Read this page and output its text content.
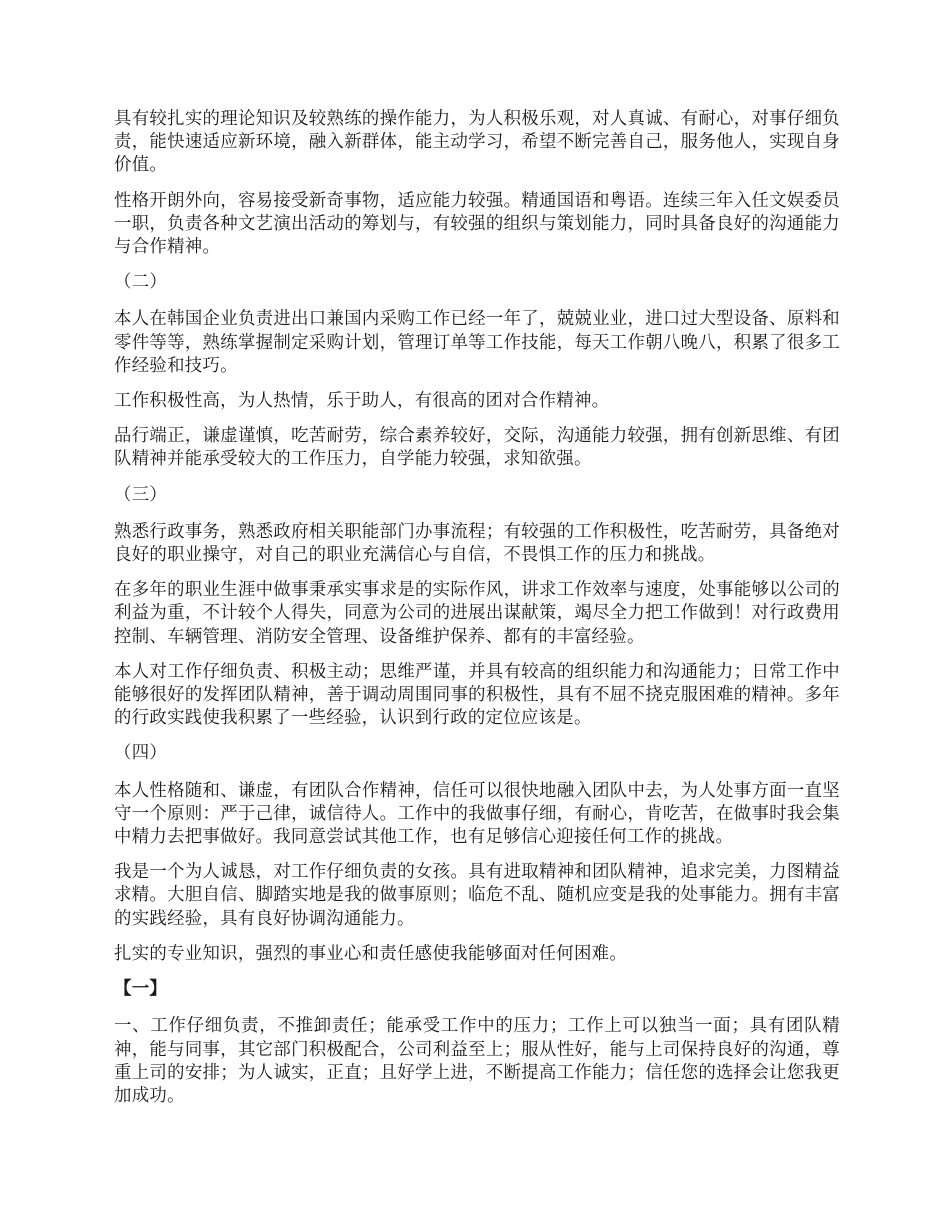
具有较扎实的理论知识及较熟练的操作能力，为人积极乐观，对人真诚、有耐心，对事仔细负责，能快速适应新环境，融入新群体，能主动学习，希望不断完善自己，服务他人，实现自身价值。

性格开朗外向，容易接受新奇事物，适应能力较强。精通国语和粤语。连续三年入任文娱委员一职，负责各种文艺演出活动的筹划与，有较强的组织与策划能力，同时具备良好的沟通能力与合作精神。

（二）

本人在韩国企业负责进出口兼国内采购工作已经一年了，兢兢业业，进口过大型设备、原料和零件等等，熟练掌握制定采购计划，管理订单等工作技能，每天工作朝八晚八，积累了很多工作经验和技巧。

工作积极性高，为人热情，乐于助人，有很高的团对合作精神。

品行端正，谦虚谨慎，吃苦耐劳，综合素养较好，交际，沟通能力较强，拥有创新思维、有团队精神并能承受较大的工作压力，自学能力较强，求知欲强。

（三）

熟悉行政事务，熟悉政府相关职能部门办事流程；有较强的工作积极性，吃苦耐劳，具备绝对良好的职业操守，对自己的职业充满信心与自信，不畏惧工作的压力和挑战。

在多年的职业生涯中做事秉承实事求是的实际作风，讲求工作效率与速度，处事能够以公司的利益为重，不计较个人得失，同意为公司的进展出谋献策，竭尽全力把工作做到！对行政费用控制、车辆管理、消防安全管理、设备维护保养、都有的丰富经验。

本人对工作仔细负责、积极主动；思维严谨，并具有较高的组织能力和沟通能力；日常工作中能够很好的发挥团队精神，善于调动周围同事的积极性，具有不屈不挠克服困难的精神。多年的行政实践使我积累了一些经验，认识到行政的定位应该是。

（四）

本人性格随和、谦虚，有团队合作精神，信任可以很快地融入团队中去，为人处事方面一直坚守一个原则：严于己律，诚信待人。工作中的我做事仔细，有耐心，肯吃苦，在做事时我会集中精力去把事做好。我同意尝试其他工作，也有足够信心迎接任何工作的挑战。

我是一个为人诚恳，对工作仔细负责的女孩。具有进取精神和团队精神，追求完美，力图精益求精。大胆自信、脚踏实地是我的做事原则；临危不乱、随机应变是我的处事能力。拥有丰富的实践经验，具有良好协调沟通能力。

扎实的专业知识，强烈的事业心和责任感使我能够面对任何困难。

【一】

一、工作仔细负责，不推卸责任；能承受工作中的压力；工作上可以独当一面；具有团队精神，能与同事，其它部门积极配合，公司利益至上；服从性好，能与上司保持良好的沟通，尊重上司的安排；为人诚实，正直；且好学上进，不断提高工作能力；信任您的选择会让您我更加成功。
